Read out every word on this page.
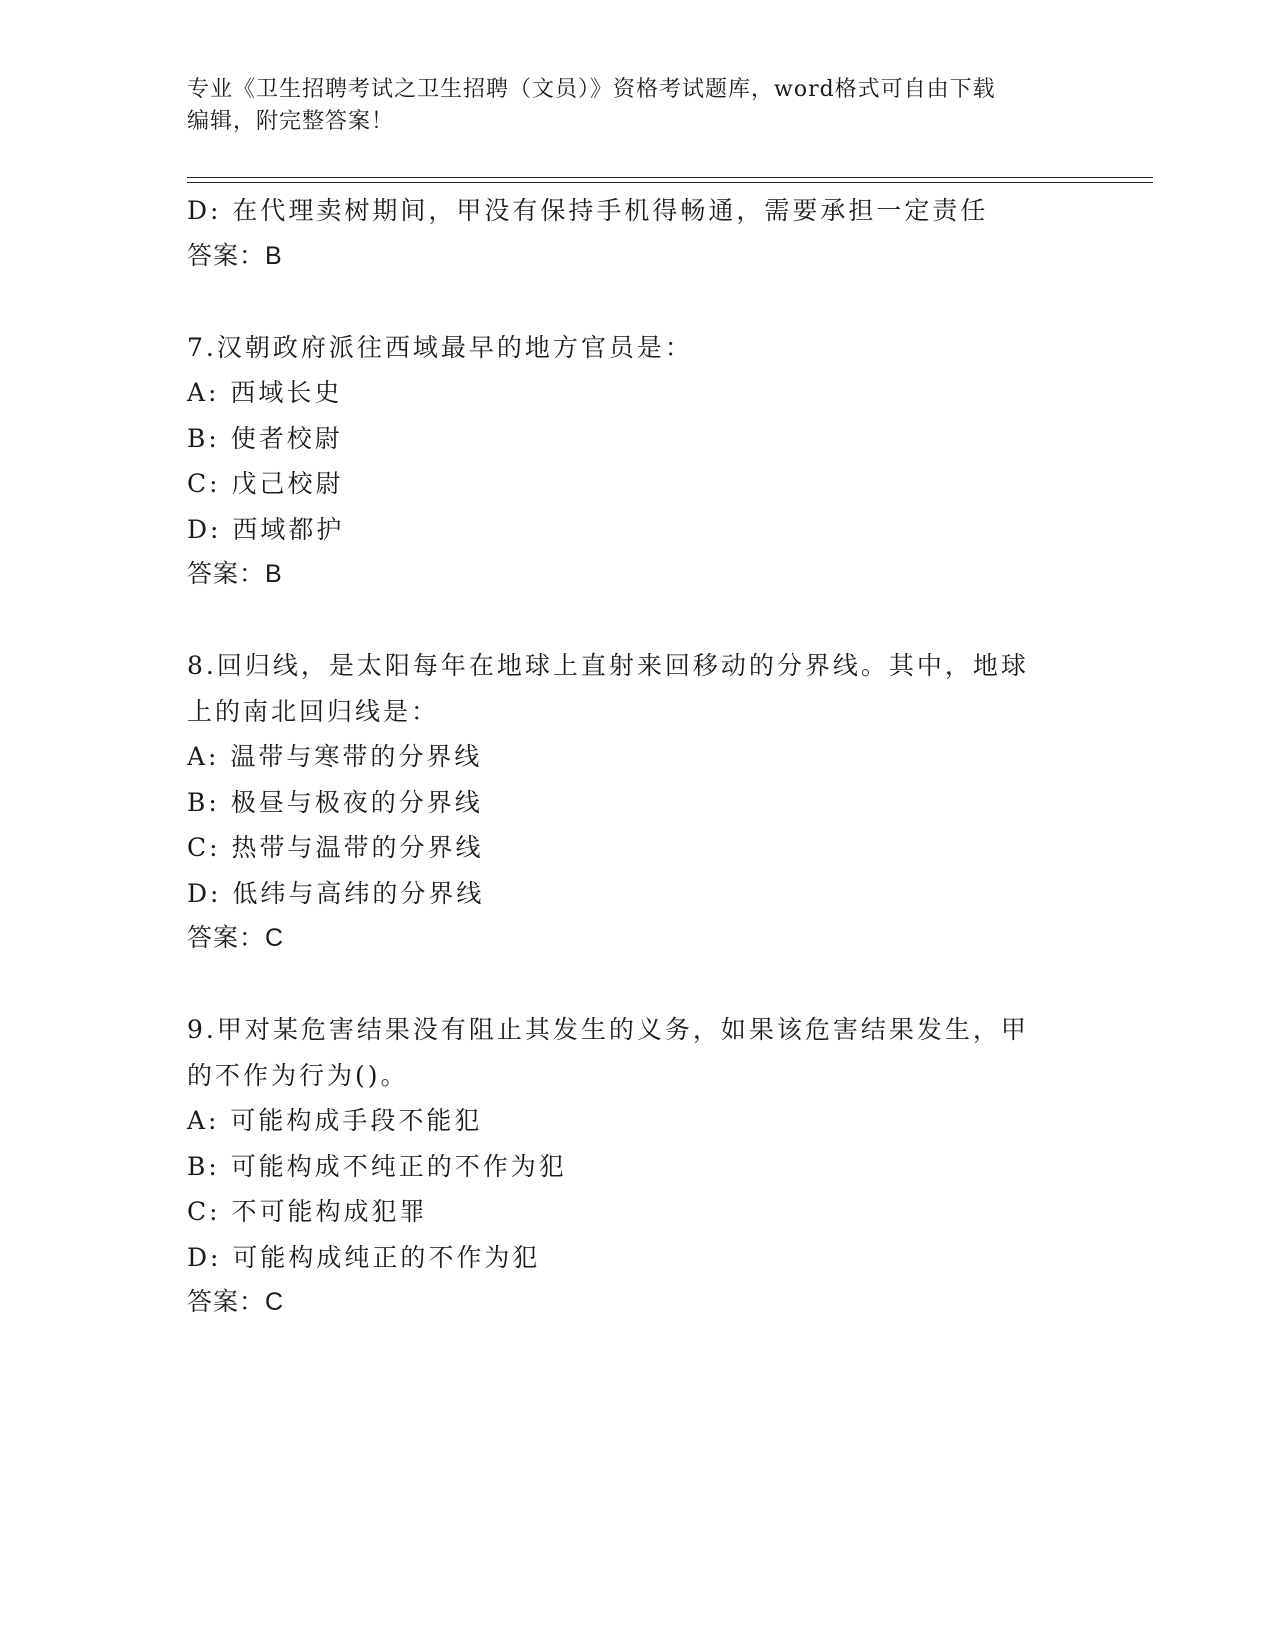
专业《卫生招聘考试之卫生招聘（文员）》资格考试题库，word格式可自由下载
编辑，附完整答案！
D: 在代理卖树期间，甲没有保持手机得畅通，需要承担一定责任
答案：B
7.汉朝政府派往西域最早的地方官员是：
A: 西域长史
B: 使者校尉
C: 戊己校尉
D: 西域都护
答案：B
8.回归线，是太阳每年在地球上直射来回移动的分界线。其中，地球
上的南北回归线是：
A: 温带与寒带的分界线
B: 极昼与极夜的分界线
C: 热带与温带的分界线
D: 低纬与高纬的分界线
答案：C
9.甲对某危害结果没有阻止其发生的义务，如果该危害结果发生，甲
的不作为行为()。
A: 可能构成手段不能犯
B: 可能构成不纯正的不作为犯
C: 不可能构成犯罪
D: 可能构成纯正的不作为犯
答案：C
